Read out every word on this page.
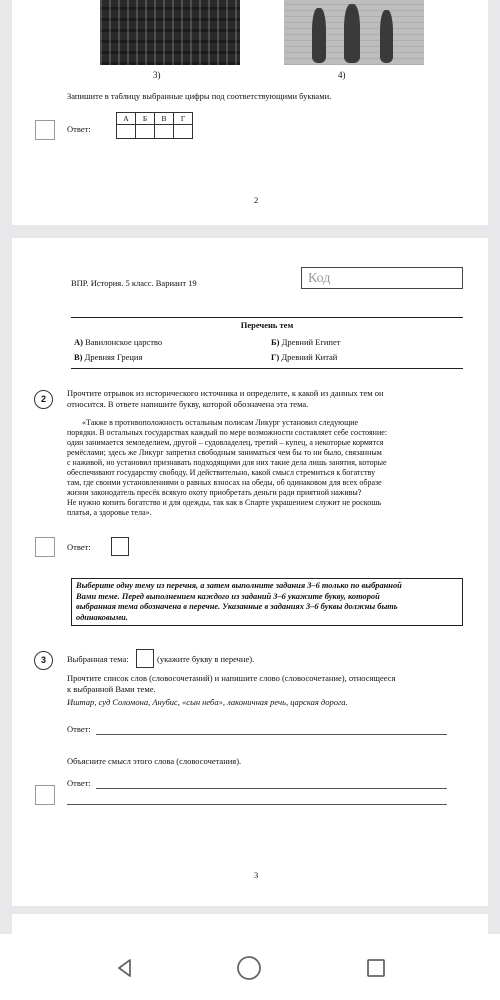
3)	4)
Запишите в таблицу выбранные цифры под соответствующими буквами.
Ответ:
А	Б	В	Г

2
ВПР. История. 5 класс. Вариант 19	Код
Перечень тем
А) Вавилонское царство	Б) Древний Египет
В) Древняя Греция	Г) Древний Китай
2
Прочтите отрывок из исторического источника и определите, к какой из данных тем он
относится. В ответе напишите букву, которой обозначена эта тема.
«Также в противоположность остальным полисам Ликург установил следующие
порядки. В остальных государствах каждый по мере возможности составляет себе состояние:
один занимается земледелием, другой – судовладелец, третий – купец, а некоторые кормятся
ремёслами; здесь же Ликург запретил свободным заниматься чем бы то ни было, связанным
с наживой, но установил признавать подходящими для них такие дела лишь занятия, которые
обеспечивают государству свободу. И действительно, какой смысл стремиться к богатству
там, где своими установлениями о равных взносах на обеды, об одинаковом для всех образе
жизни законодатель пресёк всякую охоту приобретать деньги ради приятной наживы?
Не нужно копить богатство и для одежды, так как в Спарте украшением служит не роскошь
платья, а здоровье тела».
Ответ:
Выберите одну тему из перечня, а затем выполните задания 3–6 только по выбранной
Вами теме. Перед выполнением каждого из заданий 3–6 укажите букву, которой
выбранная тема обозначена в перечне. Указанные в заданиях 3–6 буквы должны быть
одинаковыми.
3	Выбранная тема:	(укажите букву в перечне).
Прочтите список слов (словосочетаний) и напишите слово (словосочетание), относящееся
к выбранной Вами теме.
Иштар, суд Соломона, Анубис, «сын неба», лаконичная речь, царская дорога.
Ответ:
Объясните смысл этого слова (словосочетания).
Ответ:
3
